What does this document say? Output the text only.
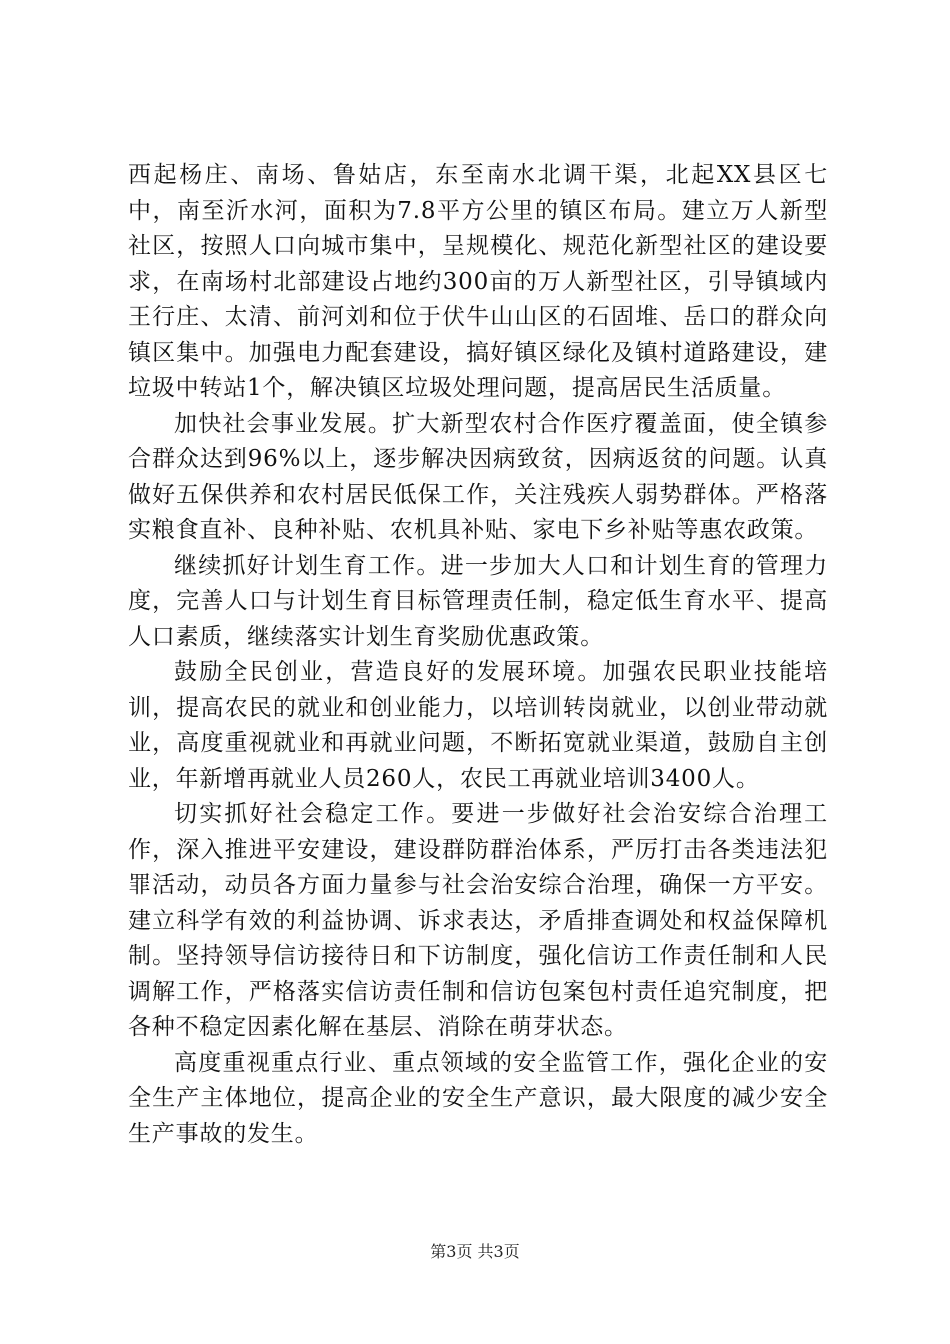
西起杨庄、南场、鲁姑店，东至南水北调干渠，北起XX县区七中，南至沂水河，面积为7.8平方公里的镇区布局。建立万人新型社区，按照人口向城市集中，呈规模化、规范化新型社区的建设要求，在南场村北部建设占地约300亩的万人新型社区，引导镇域内王行庄、太清、前河刘和位于伏牛山山区的石固堆、岳口的群众向镇区集中。加强电力配套建设，搞好镇区绿化及镇村道路建设，建垃圾中转站1个，解决镇区垃圾处理问题，提高居民生活质量。

加快社会事业发展。扩大新型农村合作医疗覆盖面，使全镇参合群众达到96%以上，逐步解决因病致贫，因病返贫的问题。认真做好五保供养和农村居民低保工作，关注残疾人弱势群体。严格落实粮食直补、良种补贴、农机具补贴、家电下乡补贴等惠农政策。

继续抓好计划生育工作。进一步加大人口和计划生育的管理力度，完善人口与计划生育目标管理责任制，稳定低生育水平、提高人口素质，继续落实计划生育奖励优惠政策。

鼓励全民创业，营造良好的发展环境。加强农民职业技能培训，提高农民的就业和创业能力，以培训转岗就业，以创业带动就业，高度重视就业和再就业问题，不断拓宽就业渠道，鼓励自主创业，年新增再就业人员260人，农民工再就业培训3400人。

切实抓好社会稳定工作。要进一步做好社会治安综合治理工作，深入推进平安建设，建设群防群治体系，严厉打击各类违法犯罪活动，动员各方面力量参与社会治安综合治理，确保一方平安。建立科学有效的利益协调、诉求表达，矛盾排查调处和权益保障机制。坚持领导信访接待日和下访制度，强化信访工作责任制和人民调解工作，严格落实信访责任制和信访包案包村责任追究制度，把各种不稳定因素化解在基层、消除在萌芽状态。

高度重视重点行业、重点领域的安全监管工作，强化企业的安全生产主体地位，提高企业的安全生产意识，最大限度的减少安全生产事故的发生。

第3页 共3页
